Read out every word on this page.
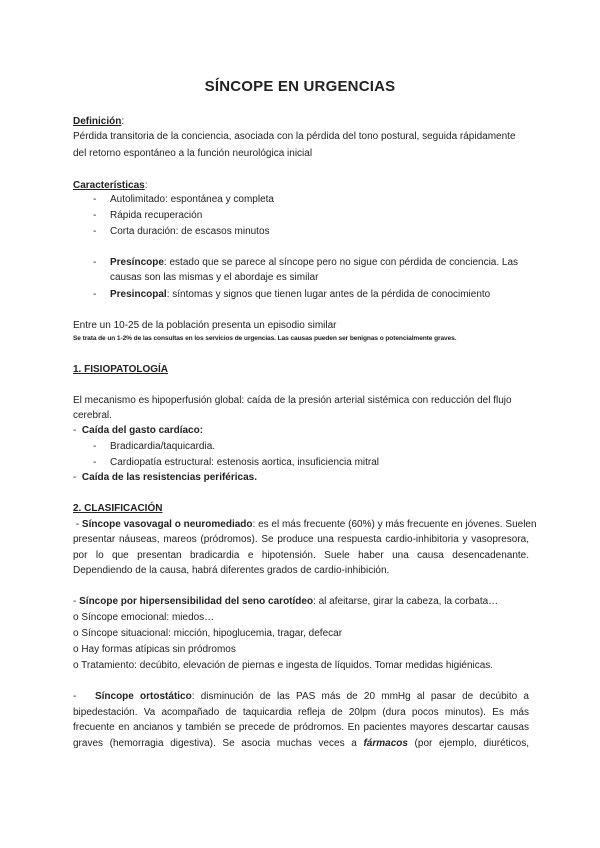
SÍNCOPE EN URGENCIAS
Definición:
Pérdida transitoria de la conciencia, asociada con la pérdida del tono postural, seguida rápidamente
del retorno espontáneo a la función neurológica inicial
Características:
- Autolimitado: espontánea y completa
- Rápida recuperación
- Corta duración: de escasos minutos
- Presíncope: estado que se parece al síncope pero no sigue con pérdida de conciencia. Las
causas son las mismas y el abordaje es similar
- Presincopal: síntomas y signos que tienen lugar antes de la pérdida de conocimiento
Entre un 10-25 de la población presenta un episodio similar
Se trata de un 1-2% de las consultas en los servicios de urgencias. Las causas pueden ser benignas o potencialmente graves.
1. FISIOPATOLOGÍA
El mecanismo es hipoperfusión global: caída de la presión arterial sistémica con reducción del flujo
cerebral.
- Caída del gasto cardíaco:
- Bradicardia/taquicardia.
- Cardiopatía estructural: estenosis aortica, insuficiencia mitral
- Caída de las resistencias periféricas.
2. CLASIFICACIÓN
- Síncope vasovagal o neuromediado: es el más frecuente (60%) y más frecuente en jóvenes. Suelen
presentar náuseas, mareos (pródromos). Se produce una respuesta cardio-inhibitoria y vasopresora,
por lo que presentan bradicardia e hipotensión. Suele haber una causa desencadenante.
Dependiendo de la causa, habrá diferentes grados de cardio-inhibición.
- Síncope por hipersensibilidad del seno carotídeo: al afeitarse, girar la cabeza, la corbata…
o Síncope emocional: miedos…
o Síncope situacional: micción, hipoglucemia, tragar, defecar
o Hay formas atípicas sin pródromos
o Tratamiento: decúbito, elevación de piernas e ingesta de líquidos. Tomar medidas higiénicas.
- Síncope ortostático: disminución de las PAS más de 20 mmHg al pasar de decúbito a
bipedestación. Va acompañado de taquicardia refleja de 20lpm (dura pocos minutos). Es más
frecuente en ancianos y también se precede de pródromos. En pacientes mayores descartar causas
graves (hemorragia digestiva). Se asocia muchas veces a fármacos (por ejemplo, diuréticos,
